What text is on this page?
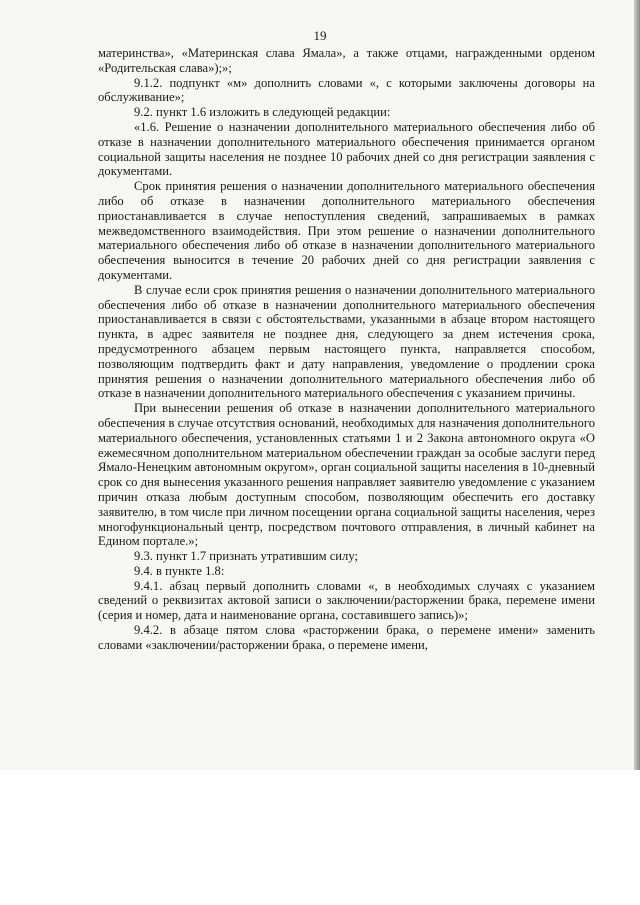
19

материнства», «Материнская слава Ямала», а также отцами, награжденными орденом «Родительская слава»);»;

9.1.2. подпункт «м» дополнить словами «, с которыми заключены договоры на обслуживание»;

9.2. пункт 1.6 изложить в следующей редакции:

«1.6. Решение о назначении дополнительного материального обеспечения либо об отказе в назначении дополнительного материального обеспечения принимается органом социальной защиты населения не позднее 10 рабочих дней со дня регистрации заявления с документами.

Срок принятия решения о назначении дополнительного материального обеспечения либо об отказе в назначении дополнительного материального обеспечения приостанавливается в случае непоступления сведений, запрашиваемых в рамках межведомственного взаимодействия. При этом решение о назначении дополнительного материального обеспечения либо об отказе в назначении дополнительного материального обеспечения выносится в течение 20 рабочих дней со дня регистрации заявления с документами.

В случае если срок принятия решения о назначении дополнительного материального обеспечения либо об отказе в назначении дополнительного материального обеспечения приостанавливается в связи с обстоятельствами, указанными в абзаце втором настоящего пункта, в адрес заявителя не позднее дня, следующего за днем истечения срока, предусмотренного абзацем первым настоящего пункта, направляется способом, позволяющим подтвердить факт и дату направления, уведомление о продлении срока принятия решения о назначении дополнительного материального обеспечения либо об отказе в назначении дополнительного материального обеспечения с указанием причины.

При вынесении решения об отказе в назначении дополнительного материального обеспечения в случае отсутствия оснований, необходимых для назначения дополнительного материального обеспечения, установленных статьями 1 и 2 Закона автономного округа «О ежемесячном дополнительном материальном обеспечении граждан за особые заслуги перед Ямало-Ненецким автономным округом», орган социальной защиты населения в 10-дневный срок со дня вынесения указанного решения направляет заявителю уведомление с указанием причин отказа любым доступным способом, позволяющим обеспечить его доставку заявителю, в том числе при личном посещении органа социальной защиты населения, через многофункциональный центр, посредством почтового отправления, в личный кабинет на Едином портале.»;

9.3. пункт 1.7 признать утратившим силу;

9.4. в пункте 1.8:

9.4.1. абзац первый дополнить словами «, в необходимых случаях с указанием сведений о реквизитах актовой записи о заключении/расторжении брака, перемене имени (серия и номер, дата и наименование органа, составившего запись)»;

9.4.2. в абзаце пятом слова «расторжении брака, о перемене имени» заменить словами «заключении/расторжении брака, о перемене имени,
